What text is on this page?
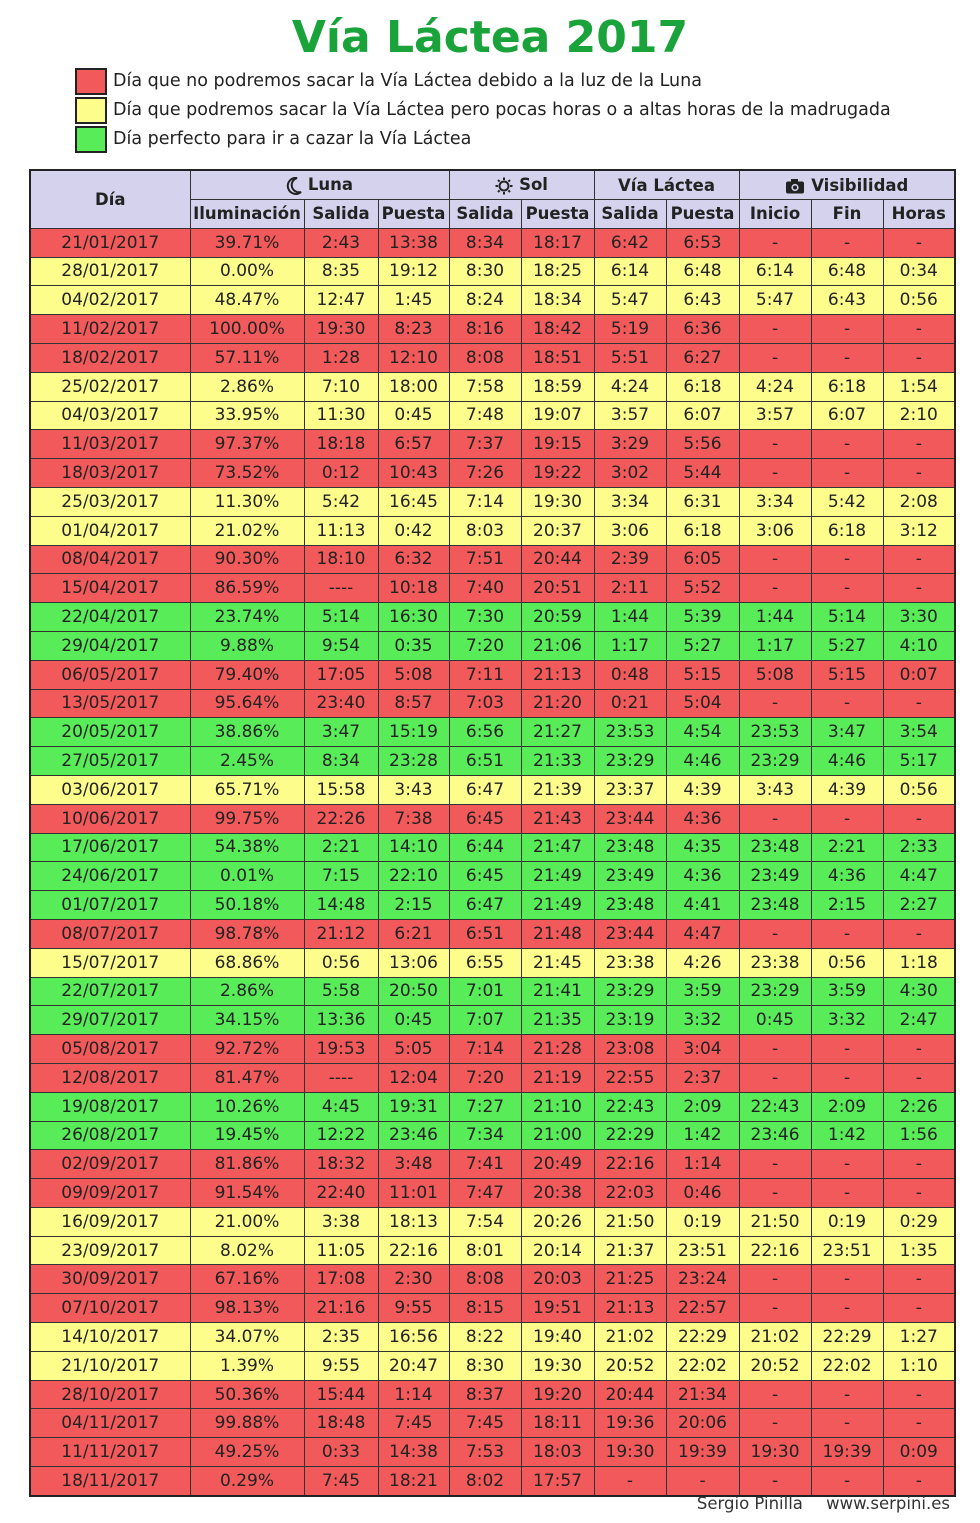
Vía Láctea 2017
Día que no podremos sacar la Vía Láctea debido a la luz de la Luna
Día que podremos sacar la Vía Láctea pero pocas horas o a altas horas de la madrugada
Día perfecto para ir a cazar la Vía Láctea
Día	Luna			Sol		Vía Láctea		Visibilidad		
	Iluminación	Salida	Puesta	Salida	Puesta	Salida	Puesta	Inicio	Fin	Horas
21/01/2017	39.71%	2:43	13:38	8:34	18:17	6:42	6:53	-	-	-
28/01/2017	0.00%	8:35	19:12	8:30	18:25	6:14	6:48	6:14	6:48	0:34
04/02/2017	48.47%	12:47	1:45	8:24	18:34	5:47	6:43	5:47	6:43	0:56
11/02/2017	100.00%	19:30	8:23	8:16	18:42	5:19	6:36	-	-	-
18/02/2017	57.11%	1:28	12:10	8:08	18:51	5:51	6:27	-	-	-
25/02/2017	2.86%	7:10	18:00	7:58	18:59	4:24	6:18	4:24	6:18	1:54
04/03/2017	33.95%	11:30	0:45	7:48	19:07	3:57	6:07	3:57	6:07	2:10
11/03/2017	97.37%	18:18	6:57	7:37	19:15	3:29	5:56	-	-	-
18/03/2017	73.52%	0:12	10:43	7:26	19:22	3:02	5:44	-	-	-
25/03/2017	11.30%	5:42	16:45	7:14	19:30	3:34	6:31	3:34	5:42	2:08
01/04/2017	21.02%	11:13	0:42	8:03	20:37	3:06	6:18	3:06	6:18	3:12
08/04/2017	90.30%	18:10	6:32	7:51	20:44	2:39	6:05	-	-	-
15/04/2017	86.59%	----	10:18	7:40	20:51	2:11	5:52	-	-	-
22/04/2017	23.74%	5:14	16:30	7:30	20:59	1:44	5:39	1:44	5:14	3:30
29/04/2017	9.88%	9:54	0:35	7:20	21:06	1:17	5:27	1:17	5:27	4:10
06/05/2017	79.40%	17:05	5:08	7:11	21:13	0:48	5:15	5:08	5:15	0:07
13/05/2017	95.64%	23:40	8:57	7:03	21:20	0:21	5:04	-	-	-
20/05/2017	38.86%	3:47	15:19	6:56	21:27	23:53	4:54	23:53	3:47	3:54
27/05/2017	2.45%	8:34	23:28	6:51	21:33	23:29	4:46	23:29	4:46	5:17
03/06/2017	65.71%	15:58	3:43	6:47	21:39	23:37	4:39	3:43	4:39	0:56
10/06/2017	99.75%	22:26	7:38	6:45	21:43	23:44	4:36	-	-	-
17/06/2017	54.38%	2:21	14:10	6:44	21:47	23:48	4:35	23:48	2:21	2:33
24/06/2017	0.01%	7:15	22:10	6:45	21:49	23:49	4:36	23:49	4:36	4:47
01/07/2017	50.18%	14:48	2:15	6:47	21:49	23:48	4:41	23:48	2:15	2:27
08/07/2017	98.78%	21:12	6:21	6:51	21:48	23:44	4:47	-	-	-
15/07/2017	68.86%	0:56	13:06	6:55	21:45	23:38	4:26	23:38	0:56	1:18
22/07/2017	2.86%	5:58	20:50	7:01	21:41	23:29	3:59	23:29	3:59	4:30
29/07/2017	34.15%	13:36	0:45	7:07	21:35	23:19	3:32	0:45	3:32	2:47
05/08/2017	92.72%	19:53	5:05	7:14	21:28	23:08	3:04	-	-	-
12/08/2017	81.47%	----	12:04	7:20	21:19	22:55	2:37	-	-	-
19/08/2017	10.26%	4:45	19:31	7:27	21:10	22:43	2:09	22:43	2:09	2:26
26/08/2017	19.45%	12:22	23:46	7:34	21:00	22:29	1:42	23:46	1:42	1:56
02/09/2017	81.86%	18:32	3:48	7:41	20:49	22:16	1:14	-	-	-
09/09/2017	91.54%	22:40	11:01	7:47	20:38	22:03	0:46	-	-	-
16/09/2017	21.00%	3:38	18:13	7:54	20:26	21:50	0:19	21:50	0:19	0:29
23/09/2017	8.02%	11:05	22:16	8:01	20:14	21:37	23:51	22:16	23:51	1:35
30/09/2017	67.16%	17:08	2:30	8:08	20:03	21:25	23:24	-	-	-
07/10/2017	98.13%	21:16	9:55	8:15	19:51	21:13	22:57	-	-	-
14/10/2017	34.07%	2:35	16:56	8:22	19:40	21:02	22:29	21:02	22:29	1:27
21/10/2017	1.39%	9:55	20:47	8:30	19:30	20:52	22:02	20:52	22:02	1:10
28/10/2017	50.36%	15:44	1:14	8:37	19:20	20:44	21:34	-	-	-
04/11/2017	99.88%	18:48	7:45	7:45	18:11	19:36	20:06	-	-	-
11/11/2017	49.25%	0:33	14:38	7:53	18:03	19:30	19:39	19:30	19:39	0:09
18/11/2017	0.29%	7:45	18:21	8:02	17:57	-	-	-	-	-
Sergio Pinilla www.serpini.es
